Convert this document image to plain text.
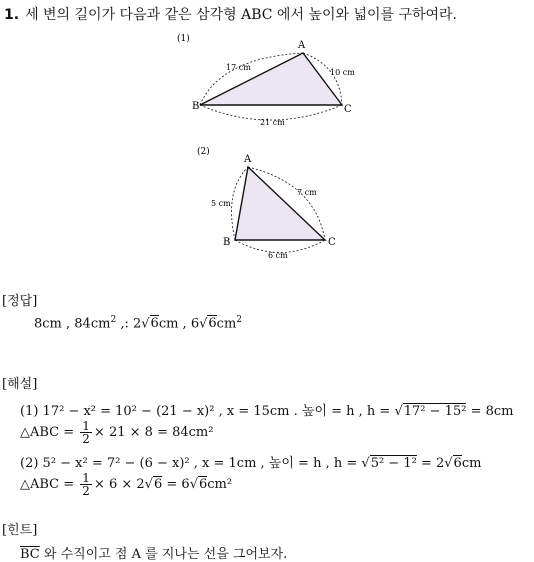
1. 세 변의 길이가 다음과 같은 삼각형 ABC 에서 높이와 넓이를 구하여라.
(1)
A
B	C
17 cm
10 cm
21 cm
(2)
A
B	C
5 cm
7 cm
6 cm
[정답]
8cm , $84cm^2$ ,: 2√6cm , $6√6cm^2$
[해설]
(1) 17² − x² = 10² − (21 − x)² , x = 15cm . 높이 = h , h = √17² − 15² = 8cm
△ABC = $\frac{1}{2} \times 21 \times 8 = 84cm^2$
(2) 5² − x² = 7² − (6 − x)² , x = 1cm , 높이 = h , h = √5² − 1² = 2√6cm
△ABC = $\frac{1}{2} \times 6 \times 2√6 = 6√6cm^2$
[힌트]
$\overline{BC}$ 와 수직이고 점 A 를 지나는 선을 그어보자.
